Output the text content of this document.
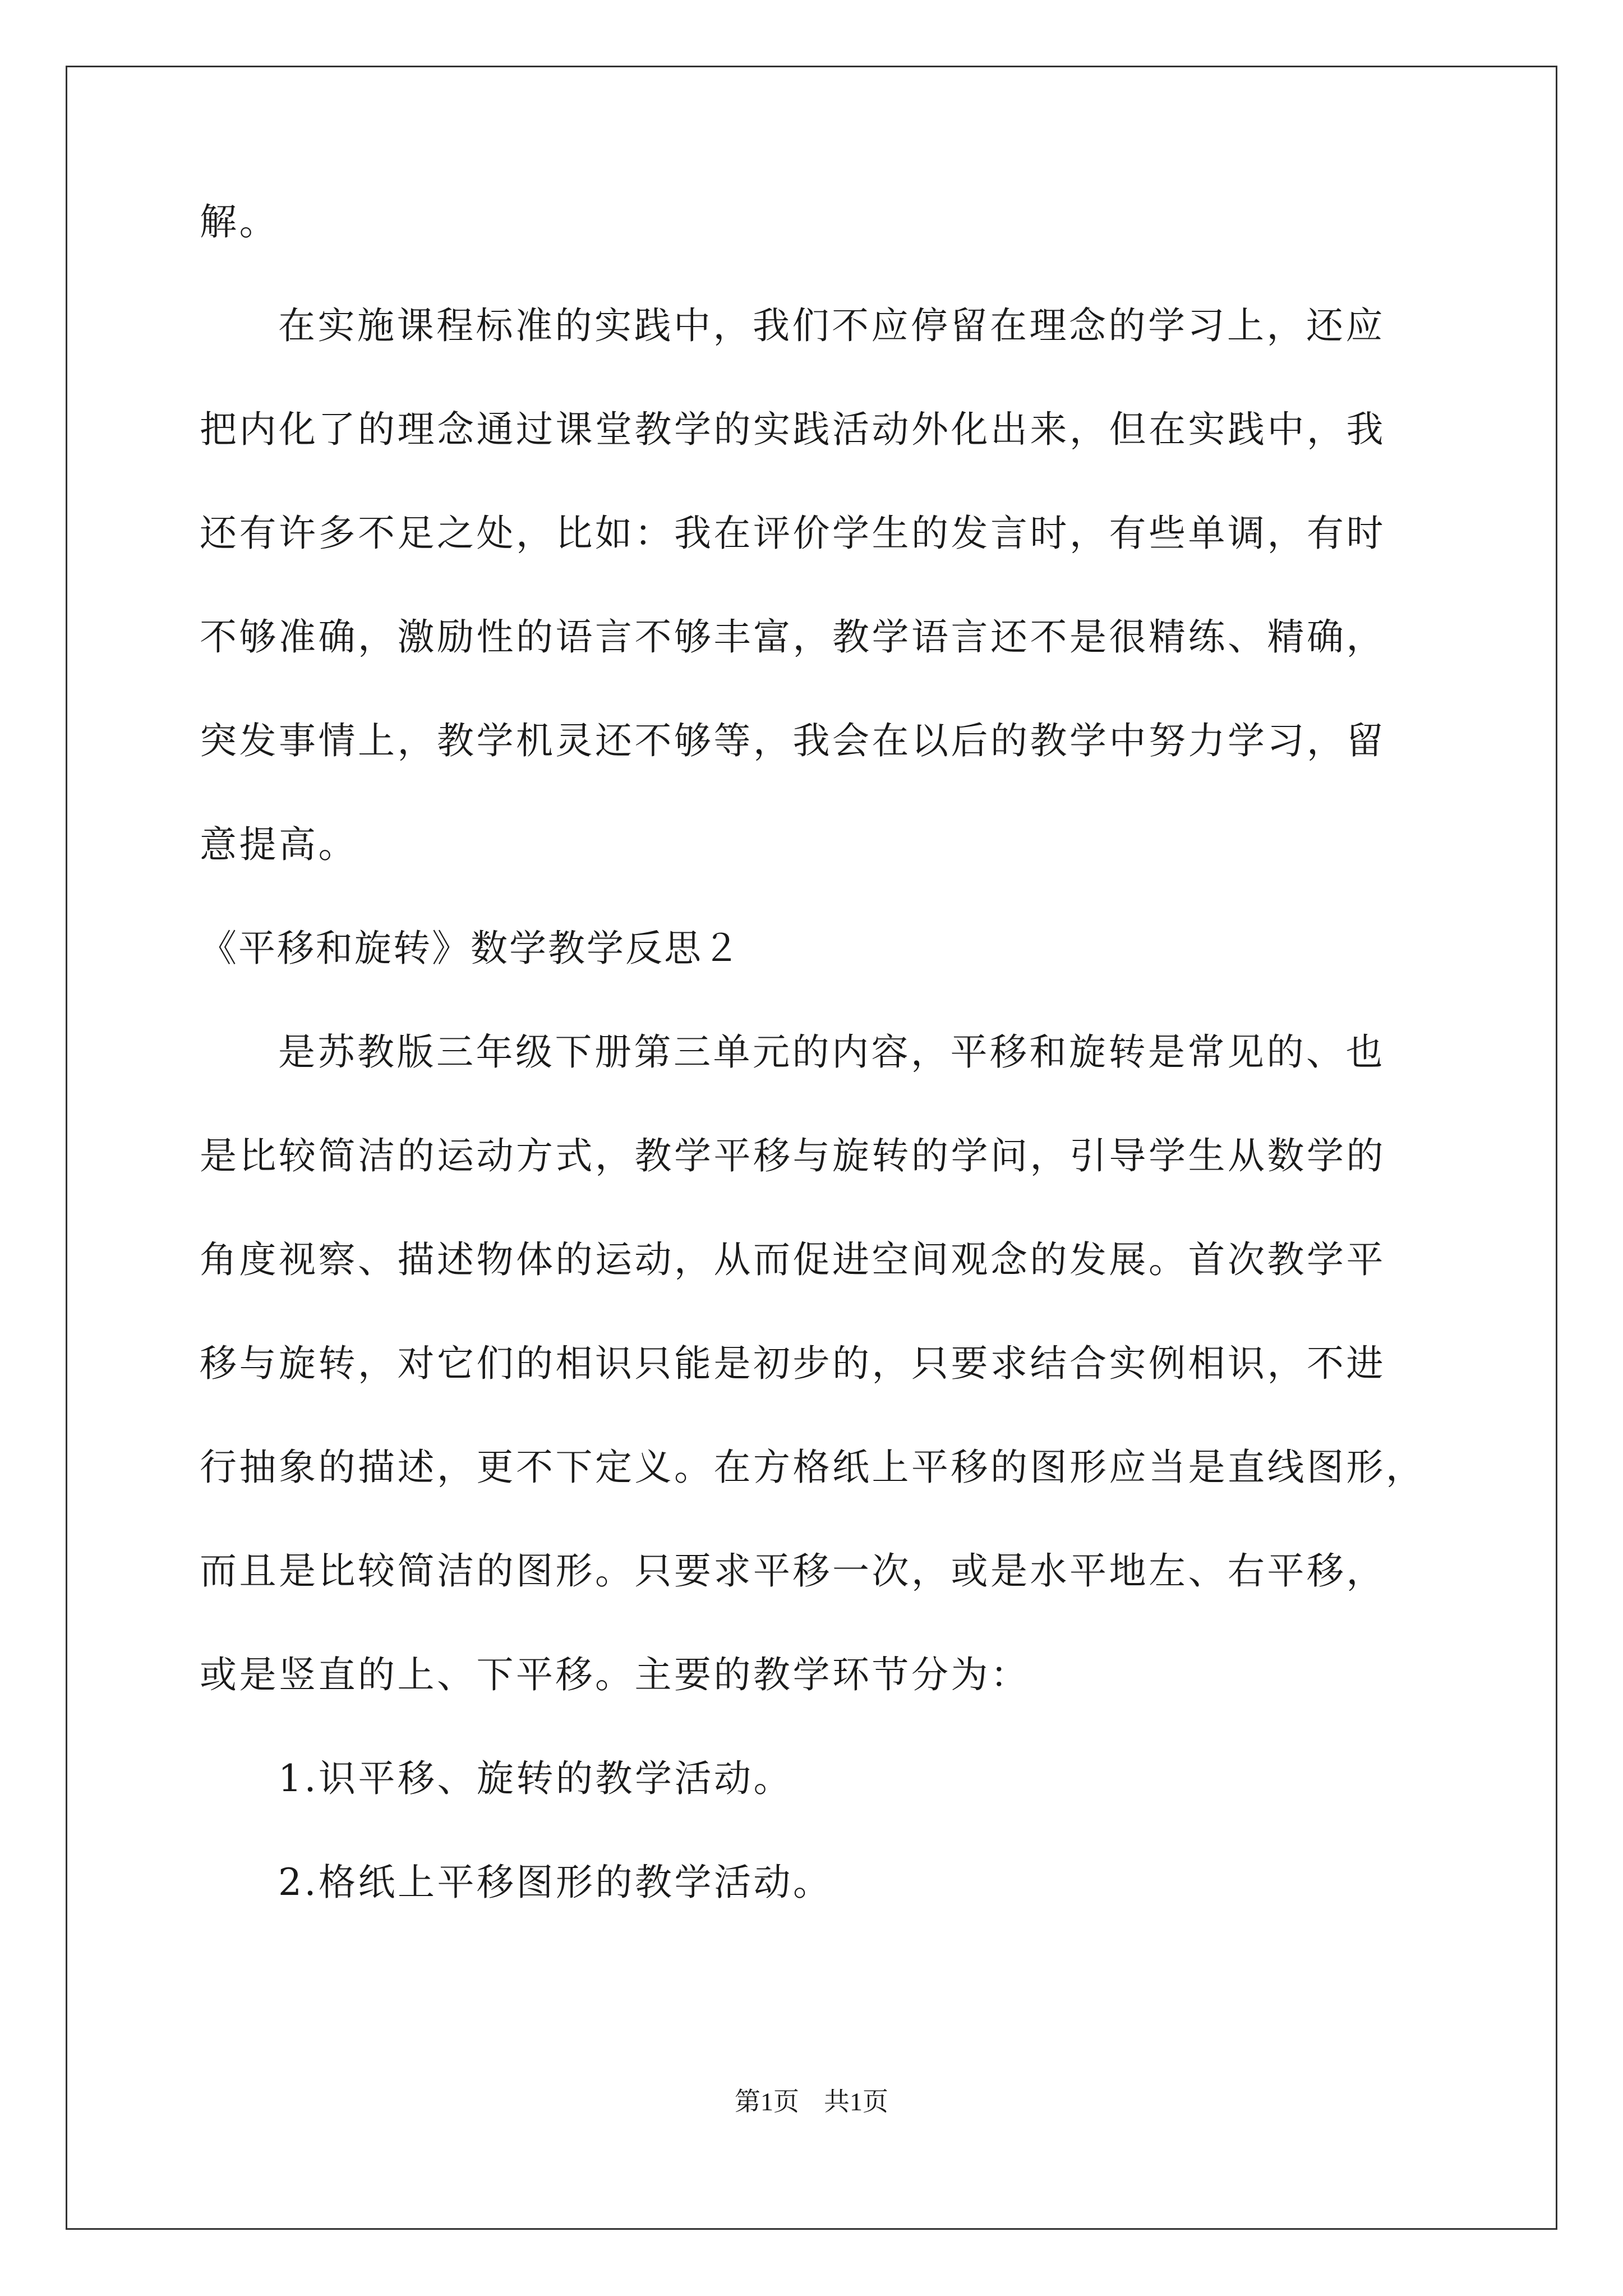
解。
在实施课程标准的实践中，我们不应停留在理念的学习上，还应
把内化了的理念通过课堂教学的实践活动外化出来，但在实践中，我
还有许多不足之处，比如：我在评价学生的发言时，有些单调，有时
不够准确，激励性的语言不够丰富，教学语言还不是很精练、精确，
突发事情上，教学机灵还不够等，我会在以后的教学中努力学习，留
意提高。
《平移和旋转》数学教学反思２
是苏教版三年级下册第三单元的内容，平移和旋转是常见的、也
是比较简洁的运动方式，教学平移与旋转的学问，引导学生从数学的
角度视察、描述物体的运动，从而促进空间观念的发展。首次教学平
移与旋转，对它们的相识只能是初步的，只要求结合实例相识，不进
行抽象的描述，更不下定义。在方格纸上平移的图形应当是直线图形，
而且是比较简洁的图形。只要求平移一次，或是水平地左、右平移，
或是竖直的上、下平移。主要的教学环节分为：
1.识平移、旋转的教学活动。
2.格纸上平移图形的教学活动。
第1页 共1页
